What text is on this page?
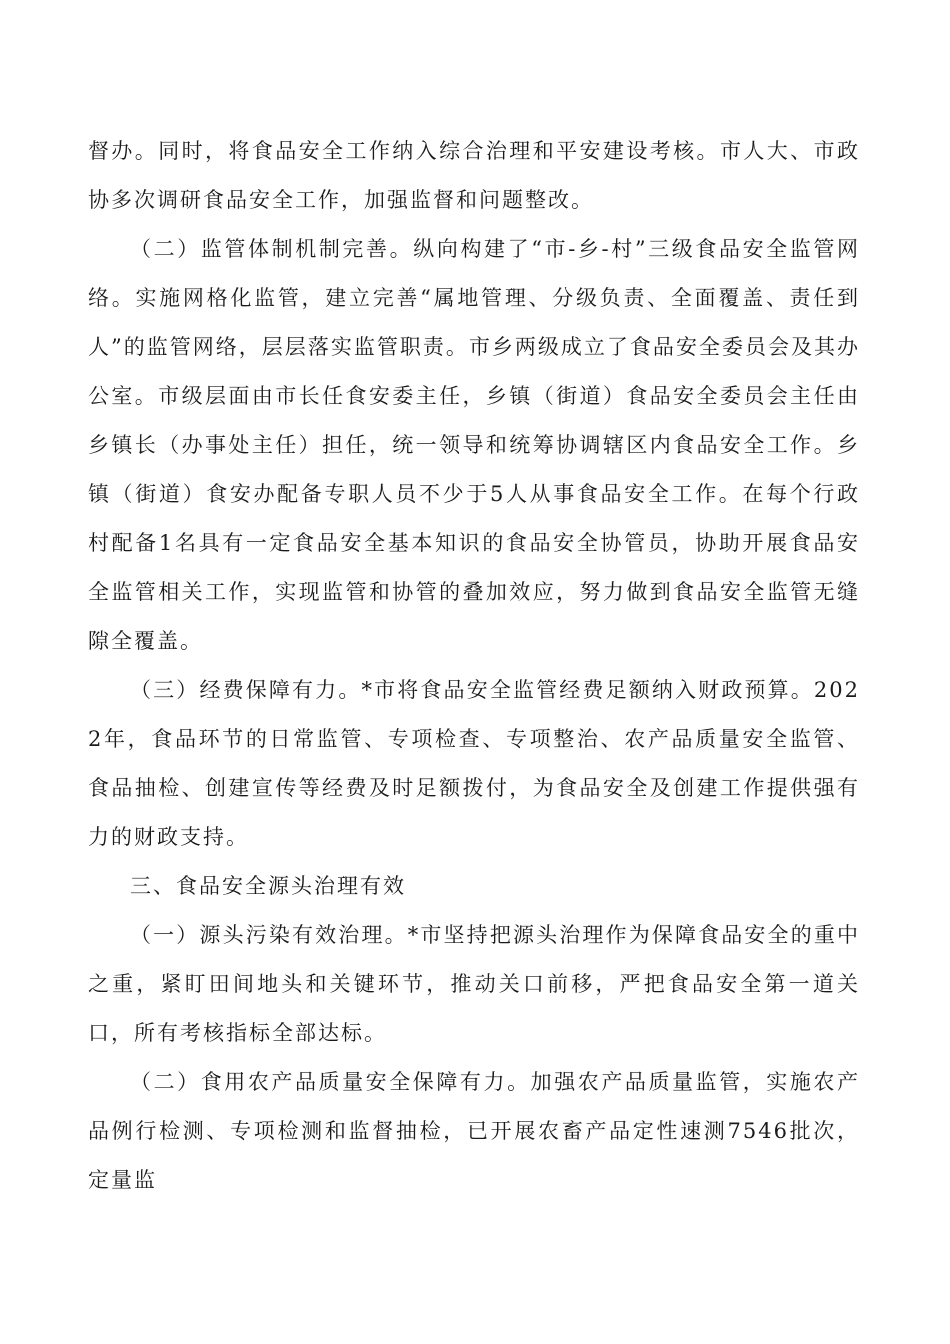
督办。同时，将食品安全工作纳入综合治理和平安建设考核。市人大、市政协多次调研食品安全工作，加强监督和问题整改。

（二）监管体制机制完善。纵向构建了“市-乡-村”三级食品安全监管网络。实施网格化监管，建立完善“属地管理、分级负责、全面覆盖、责任到人”的监管网络，层层落实监管职责。市乡两级成立了食品安全委员会及其办公室。市级层面由市长任食安委主任，乡镇（街道）食品安全委员会主任由乡镇长（办事处主任）担任，统一领导和统筹协调辖区内食品安全工作。乡镇（街道）食安办配备专职人员不少于5人从事食品安全工作。在每个行政村配备1名具有一定食品安全基本知识的食品安全协管员，协助开展食品安全监管相关工作，实现监管和协管的叠加效应，努力做到食品安全监管无缝隙全覆盖。

（三）经费保障有力。*市将食品安全监管经费足额纳入财政预算。2022年，食品环节的日常监管、专项检查、专项整治、农产品质量安全监管、食品抽检、创建宣传等经费及时足额拨付，为食品安全及创建工作提供强有力的财政支持。

三、食品安全源头治理有效

（一）源头污染有效治理。*市坚持把源头治理作为保障食品安全的重中之重，紧盯田间地头和关键环节，推动关口前移，严把食品安全第一道关口，所有考核指标全部达标。

（二）食用农产品质量安全保障有力。加强农产品质量监管，实施农产品例行检测、专项检测和监督抽检，已开展农畜产品定性速测7546批次，定量监
